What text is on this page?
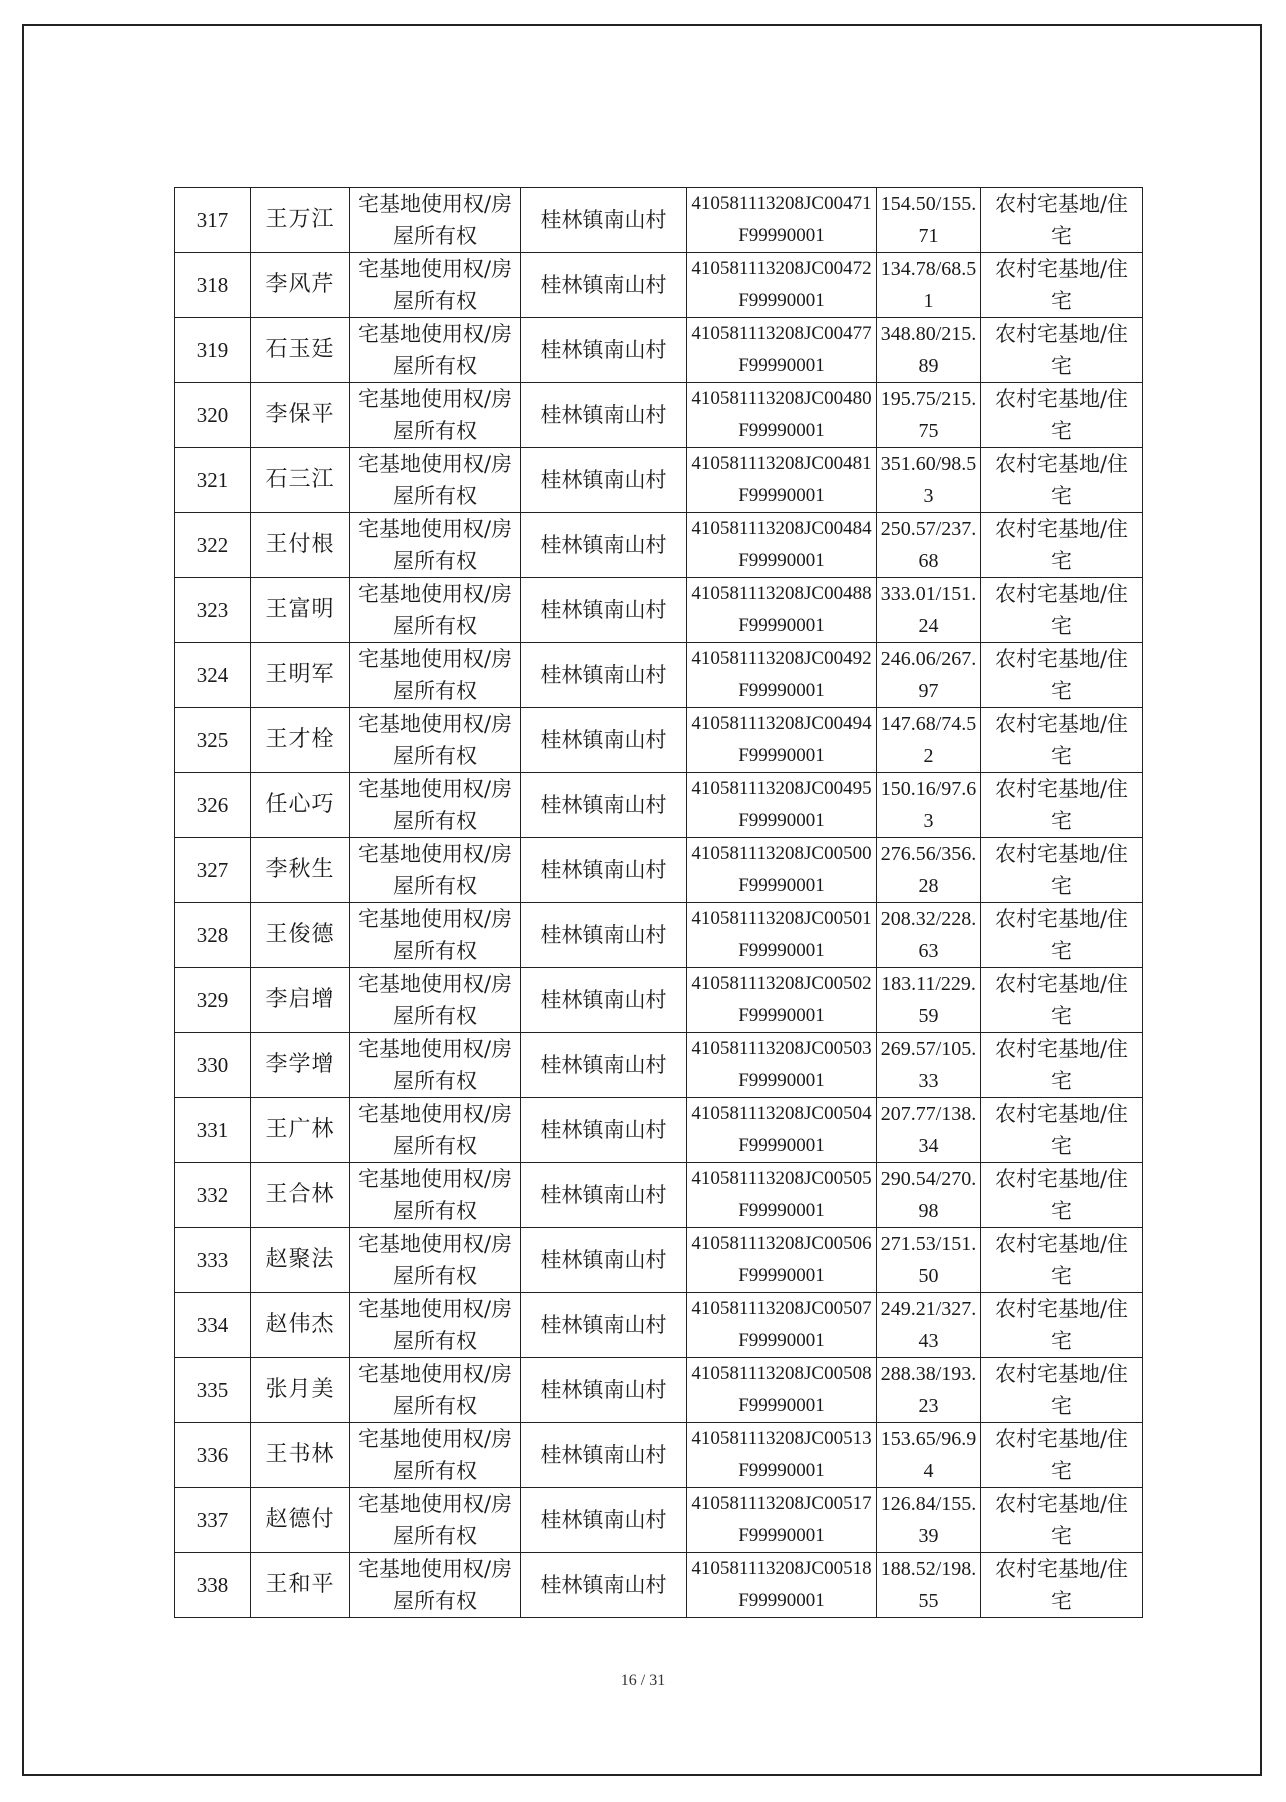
317	王万江	宅基地使用权/房屋所有权	桂林镇南山村	410581113208JC00471F99990001	154.50/155.71	农村宅基地/住宅
318	李风芹	宅基地使用权/房屋所有权	桂林镇南山村	410581113208JC00472F99990001	134.78/68.51	农村宅基地/住宅
319	石玉廷	宅基地使用权/房屋所有权	桂林镇南山村	410581113208JC00477F99990001	348.80/215.89	农村宅基地/住宅
320	李保平	宅基地使用权/房屋所有权	桂林镇南山村	410581113208JC00480F99990001	195.75/215.75	农村宅基地/住宅
321	石三江	宅基地使用权/房屋所有权	桂林镇南山村	410581113208JC00481F99990001	351.60/98.53	农村宅基地/住宅
322	王付根	宅基地使用权/房屋所有权	桂林镇南山村	410581113208JC00484F99990001	250.57/237.68	农村宅基地/住宅
323	王富明	宅基地使用权/房屋所有权	桂林镇南山村	410581113208JC00488F99990001	333.01/151.24	农村宅基地/住宅
324	王明军	宅基地使用权/房屋所有权	桂林镇南山村	410581113208JC00492F99990001	246.06/267.97	农村宅基地/住宅
325	王才栓	宅基地使用权/房屋所有权	桂林镇南山村	410581113208JC00494F99990001	147.68/74.52	农村宅基地/住宅
326	任心巧	宅基地使用权/房屋所有权	桂林镇南山村	410581113208JC00495F99990001	150.16/97.63	农村宅基地/住宅
327	李秋生	宅基地使用权/房屋所有权	桂林镇南山村	410581113208JC00500F99990001	276.56/356.28	农村宅基地/住宅
328	王俊德	宅基地使用权/房屋所有权	桂林镇南山村	410581113208JC00501F99990001	208.32/228.63	农村宅基地/住宅
329	李启增	宅基地使用权/房屋所有权	桂林镇南山村	410581113208JC00502F99990001	183.11/229.59	农村宅基地/住宅
330	李学增	宅基地使用权/房屋所有权	桂林镇南山村	410581113208JC00503F99990001	269.57/105.33	农村宅基地/住宅
331	王广林	宅基地使用权/房屋所有权	桂林镇南山村	410581113208JC00504F99990001	207.77/138.34	农村宅基地/住宅
332	王合林	宅基地使用权/房屋所有权	桂林镇南山村	410581113208JC00505F99990001	290.54/270.98	农村宅基地/住宅
333	赵聚法	宅基地使用权/房屋所有权	桂林镇南山村	410581113208JC00506F99990001	271.53/151.50	农村宅基地/住宅
334	赵伟杰	宅基地使用权/房屋所有权	桂林镇南山村	410581113208JC00507F99990001	249.21/327.43	农村宅基地/住宅
335	张月美	宅基地使用权/房屋所有权	桂林镇南山村	410581113208JC00508F99990001	288.38/193.23	农村宅基地/住宅
336	王书林	宅基地使用权/房屋所有权	桂林镇南山村	410581113208JC00513F99990001	153.65/96.94	农村宅基地/住宅
337	赵德付	宅基地使用权/房屋所有权	桂林镇南山村	410581113208JC00517F99990001	126.84/155.39	农村宅基地/住宅
338	王和平	宅基地使用权/房屋所有权	桂林镇南山村	410581113208JC00518F99990001	188.52/198.55	农村宅基地/住宅
16 / 31
